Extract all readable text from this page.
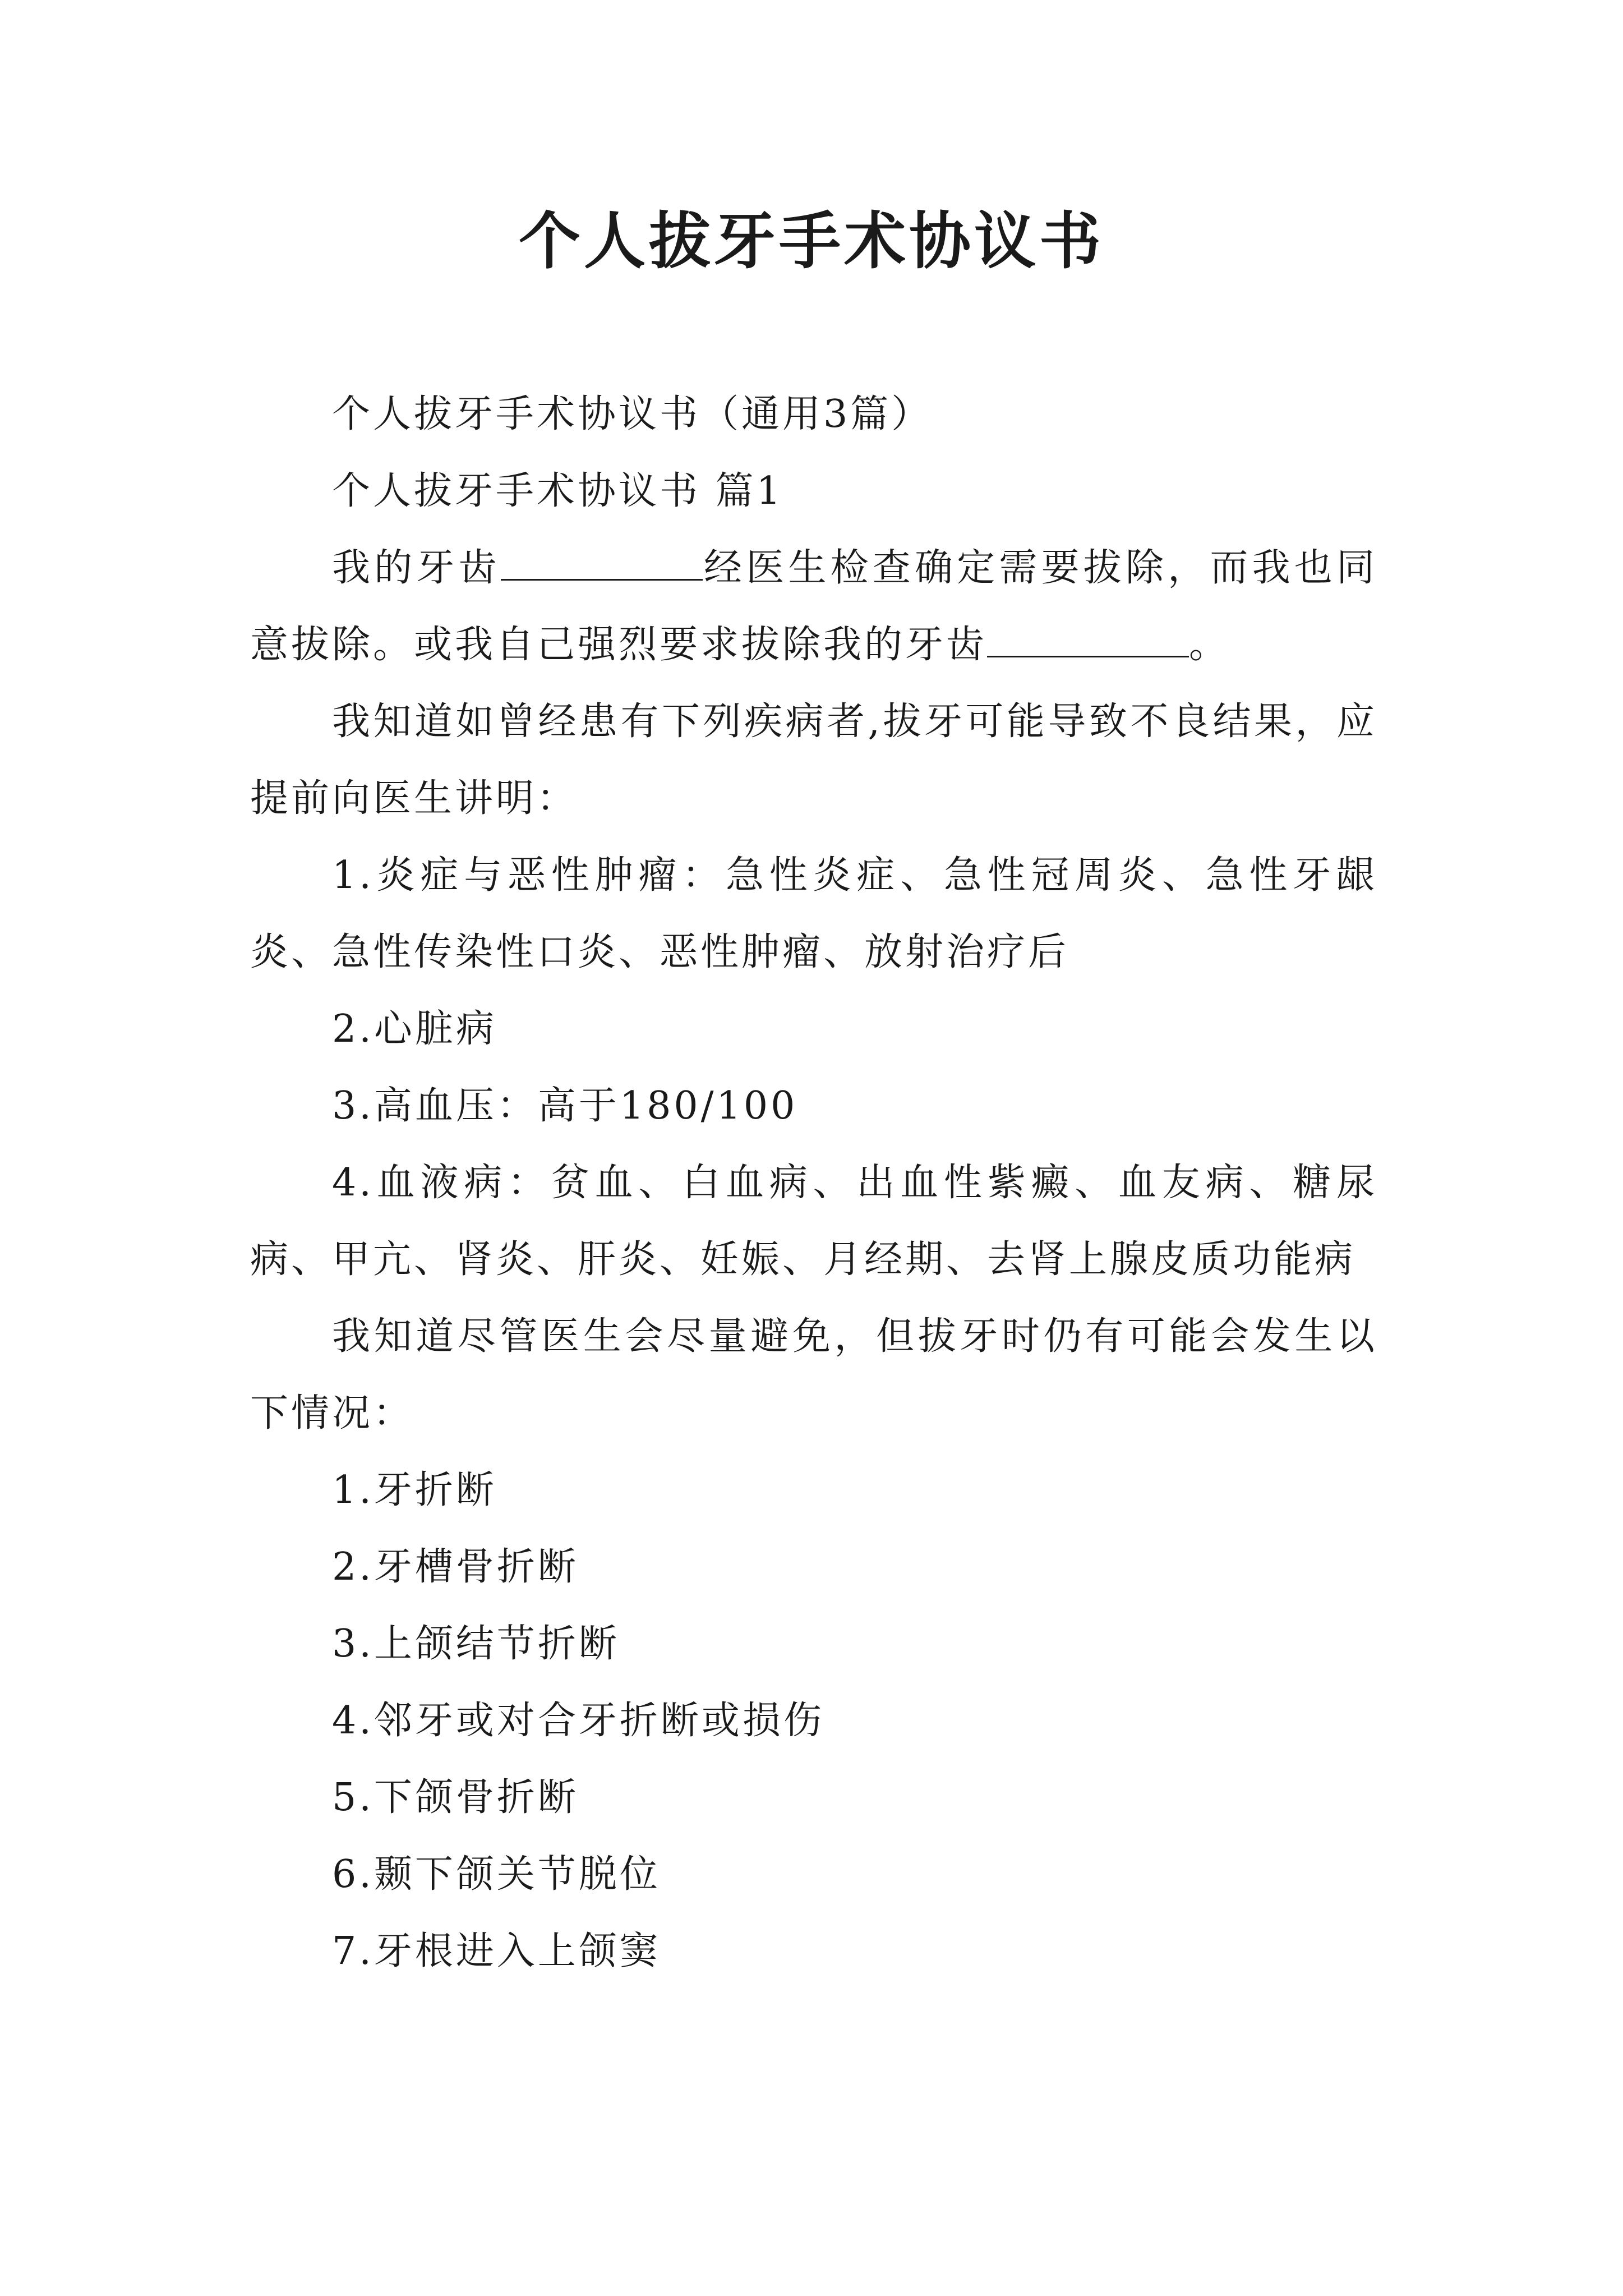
个人拔牙手术协议书

个人拔牙手术协议书（通用3篇）

个人拔牙手术协议书 篇1

我的牙齿	经医生检查确定需要拔除，而我也同意拔除。或我自己强烈要求拔除我的牙齿	。

我知道如曾经患有下列疾病者,拔牙可能导致不良结果，应提前向医生讲明：

1.炎症与恶性肿瘤：急性炎症、急性冠周炎、急性牙龈炎、急性传染性口炎、恶性肿瘤、放射治疗后

2.心脏病

3.高血压：高于180/100

4.血液病：贫血、白血病、出血性紫癜、血友病、糖尿病、甲亢、肾炎、肝炎、妊娠、月经期、去肾上腺皮质功能病

我知道尽管医生会尽量避免，但拔牙时仍有可能会发生以下情况：

1.牙折断

2.牙槽骨折断

3.上颌结节折断

4.邻牙或对合牙折断或损伤

5.下颌骨折断

6.颞下颌关节脱位

7.牙根进入上颌窦
